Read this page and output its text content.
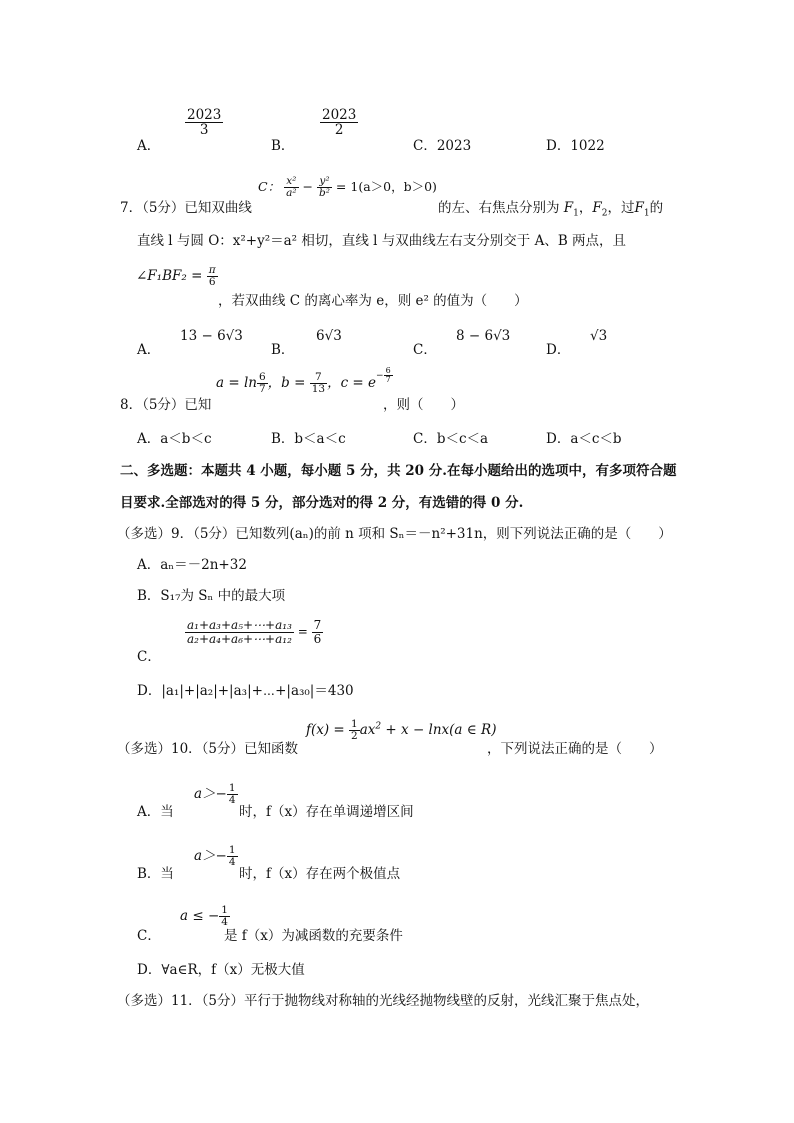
A．
$\frac{2023}{3}$
B．
$\frac{2023}{2}$
C．2023	D．1022
7．（5分）已知双曲线
C： $\frac{\text{x²}}{\text{a²}} - \frac{\text{y²}}{\text{b²}} = 1(a>0$，b＞0)
的左、右焦点分别为 $F_1$，$F_2$，过$F_1$的
直线 l 与圆 O：x²+y²＝a² 相切，直线 l 与双曲线左右支分别交于 A、B 两点，且
∠F₁BF₂ = $\frac{\pi}{6}$
，若双曲线 C 的离心率为 e，则 e² 的值为（　　）
A．
13 − 6√3
B．
6√3
C．
8 − 6√3
D．
√3
8．（5分）已知
$a = \ln \frac{6}{7}$ ，$b = \frac{7}{13}$ ，$c = e^{- \frac{6}{7}}$
，则（　　）
A．a＜b＜c	B．b＜a＜c	C．b＜c＜a	D．a＜c＜b
二、多选题：本题共 4 小题，每小题 5 分，共 20 分.在每小题给出的选项中，有多项符合题
目要求.全部选对的得 5 分，部分选对的得 2 分，有选错的得 0 分.
（多选）9．（5分）已知数列(aₙ)的前 n 项和 Sₙ＝－n²+31n，则下列说法正确的是（　　）
A．aₙ＝－2n+32
B．S₁₇为 Sₙ 中的最大项
C．
$\frac{\text{a₁+a₃+a₅+⋯+a₁₃}}{\text{a₂+a₄+a₆+⋯+a₁₂}} = \frac{7}{6}$
D．|a₁|+|a₂|+|a₃|+⋯+|a₃₀|＝430
（多选）10．（5分）已知函数
$f(x) = \frac{1}{2} ax^2 + x - \ln x(a$ ∈ R)
，下列说法正确的是（　　）
A．当
$a>- \frac{1}{4}$
时，f（x）存在单调递增区间
B．当
$a>- \frac{1}{4}$
时，f（x）存在两个极值点
C．
a ≤ − $\frac{1}{4}$
是 f（x）为减函数的充要条件
D．∀a∈R，f（x）无极大值
（多选）11．（5分）平行于抛物线对称轴的光线经抛物线壁的反射，光线汇聚于焦点处，
